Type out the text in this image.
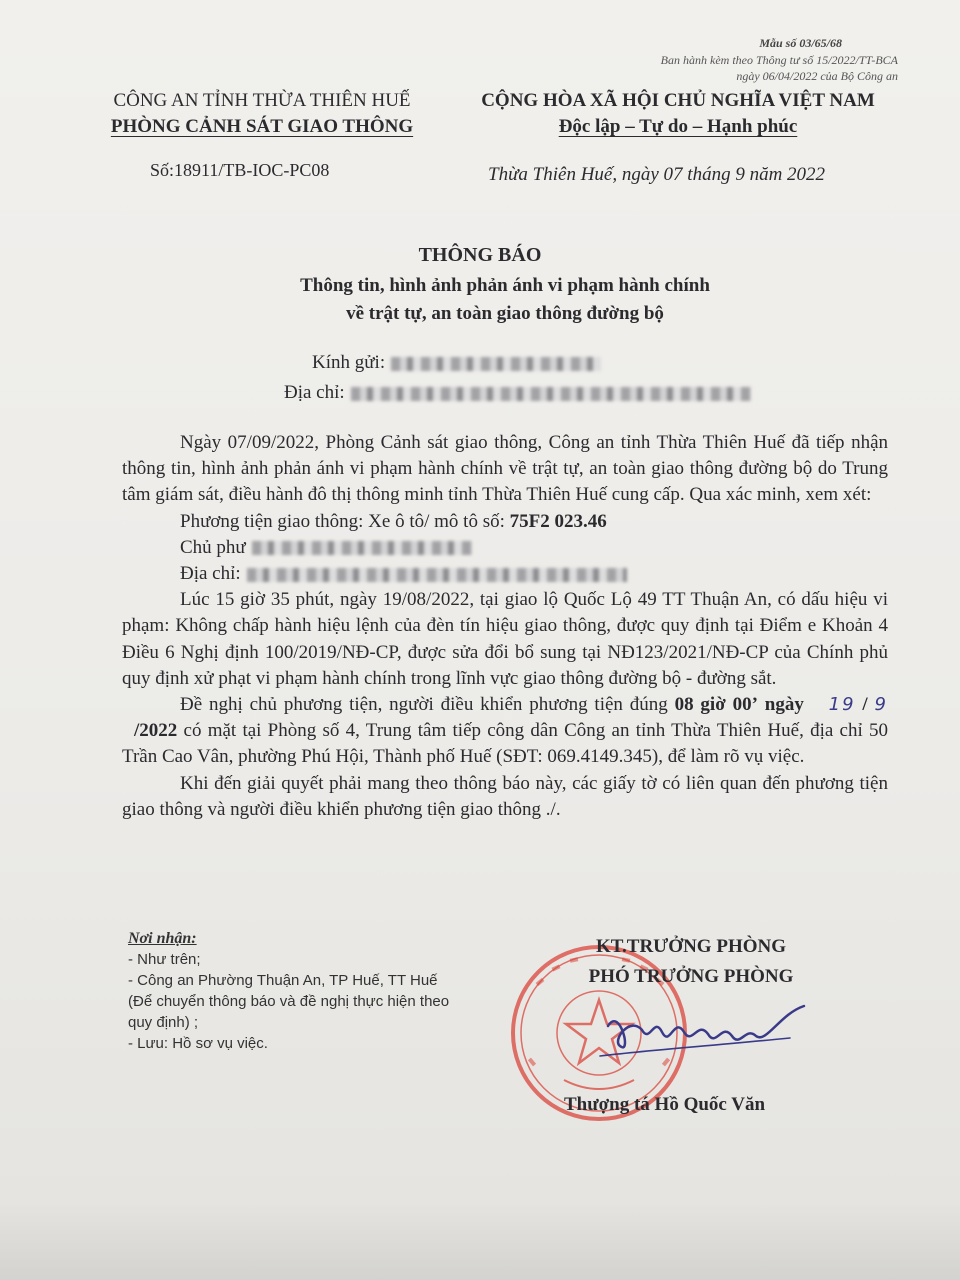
Mẫu số 03/65/68
Ban hành kèm theo Thông tư số 15/2022/TT-BCA
ngày 06/04/2022 của Bộ Công an
CÔNG AN TỈNH THỪA THIÊN HUẾ
PHÒNG CẢNH SÁT GIAO THÔNG
CỘNG HÒA XÃ HỘI CHỦ NGHĨA VIỆT NAM
Độc lập – Tự do – Hạnh phúc
Số:18911/TB-IOC-PC08	Thừa Thiên Huế, ngày 07 tháng 9 năm 2022
THÔNG BÁO
Thông tin, hình ảnh phản ánh vi phạm hành chính
về trật tự, an toàn giao thông đường bộ
Kính gửi:
Địa chỉ:

Ngày 07/09/2022, Phòng Cảnh sát giao thông, Công an tỉnh Thừa Thiên Huế đã tiếp nhận thông tin, hình ảnh phản ánh vi phạm hành chính về trật tự, an toàn giao thông đường bộ do Trung tâm giám sát, điều hành đô thị thông minh tỉnh Thừa Thiên Huế cung cấp. Qua xác minh, xem xét:

Phương tiện giao thông: Xe ô tô/ mô tô số: 75F2 023.46

Chủ phư

Địa chỉ:

Lúc 15 giờ 35 phút, ngày 19/08/2022, tại giao lộ Quốc Lộ 49 TT Thuận An, có dấu hiệu vi phạm: Không chấp hành hiệu lệnh của đèn tín hiệu giao thông, được quy định tại Điểm e Khoản 4 Điều 6 Nghị định 100/2019/NĐ-CP, được sửa đổi bổ sung tại NĐ123/2021/NĐ-CP của Chính phủ quy định xử phạt vi phạm hành chính trong lĩnh vực giao thông đường bộ - đường sắt.

Đề nghị chủ phương tiện, người điều khiển phương tiện đúng 08 giờ 00’ ngày 19 / 9 /2022 có mặt tại Phòng số 4, Trung tâm tiếp công dân Công an tỉnh Thừa Thiên Huế, địa chỉ 50 Trần Cao Vân, phường Phú Hội, Thành phố Huế (SĐT: 069.4149.345), để làm rõ vụ việc.

Khi đến giải quyết phải mang theo thông báo này, các giấy tờ có liên quan đến phương tiện giao thông và người điều khiển phương tiện giao thông ./.

Nơi nhận:
- Như trên;
- Công an Phường Thuận An, TP Huế, TT Huế
(Để chuyển thông báo và đề nghị thực hiện theo
quy định) ;
- Lưu: Hồ sơ vụ việc.
KT.TRƯỞNG PHÒNG
PHÓ TRƯỞNG PHÒNG
Thượng tá Hồ Quốc Văn
